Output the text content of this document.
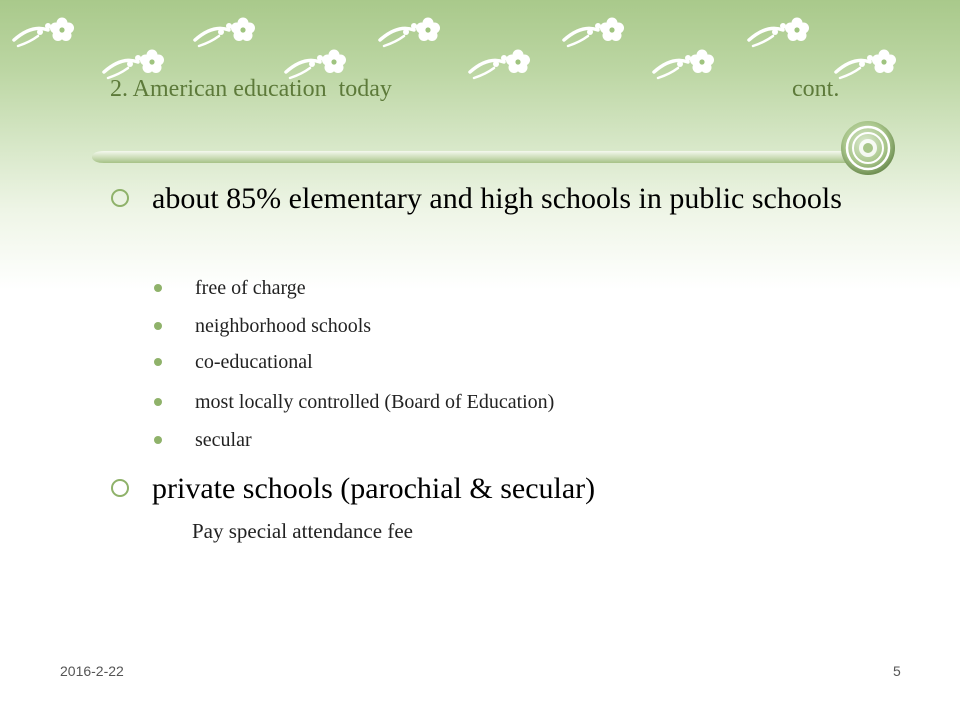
2. American education  today	cont.
about 85% elementary and high schools in public schools
free of charge
neighborhood schools
co-educational
most locally controlled (Board of Education)
secular
private schools (parochial & secular)
Pay special attendance fee
2016-2-22	5
